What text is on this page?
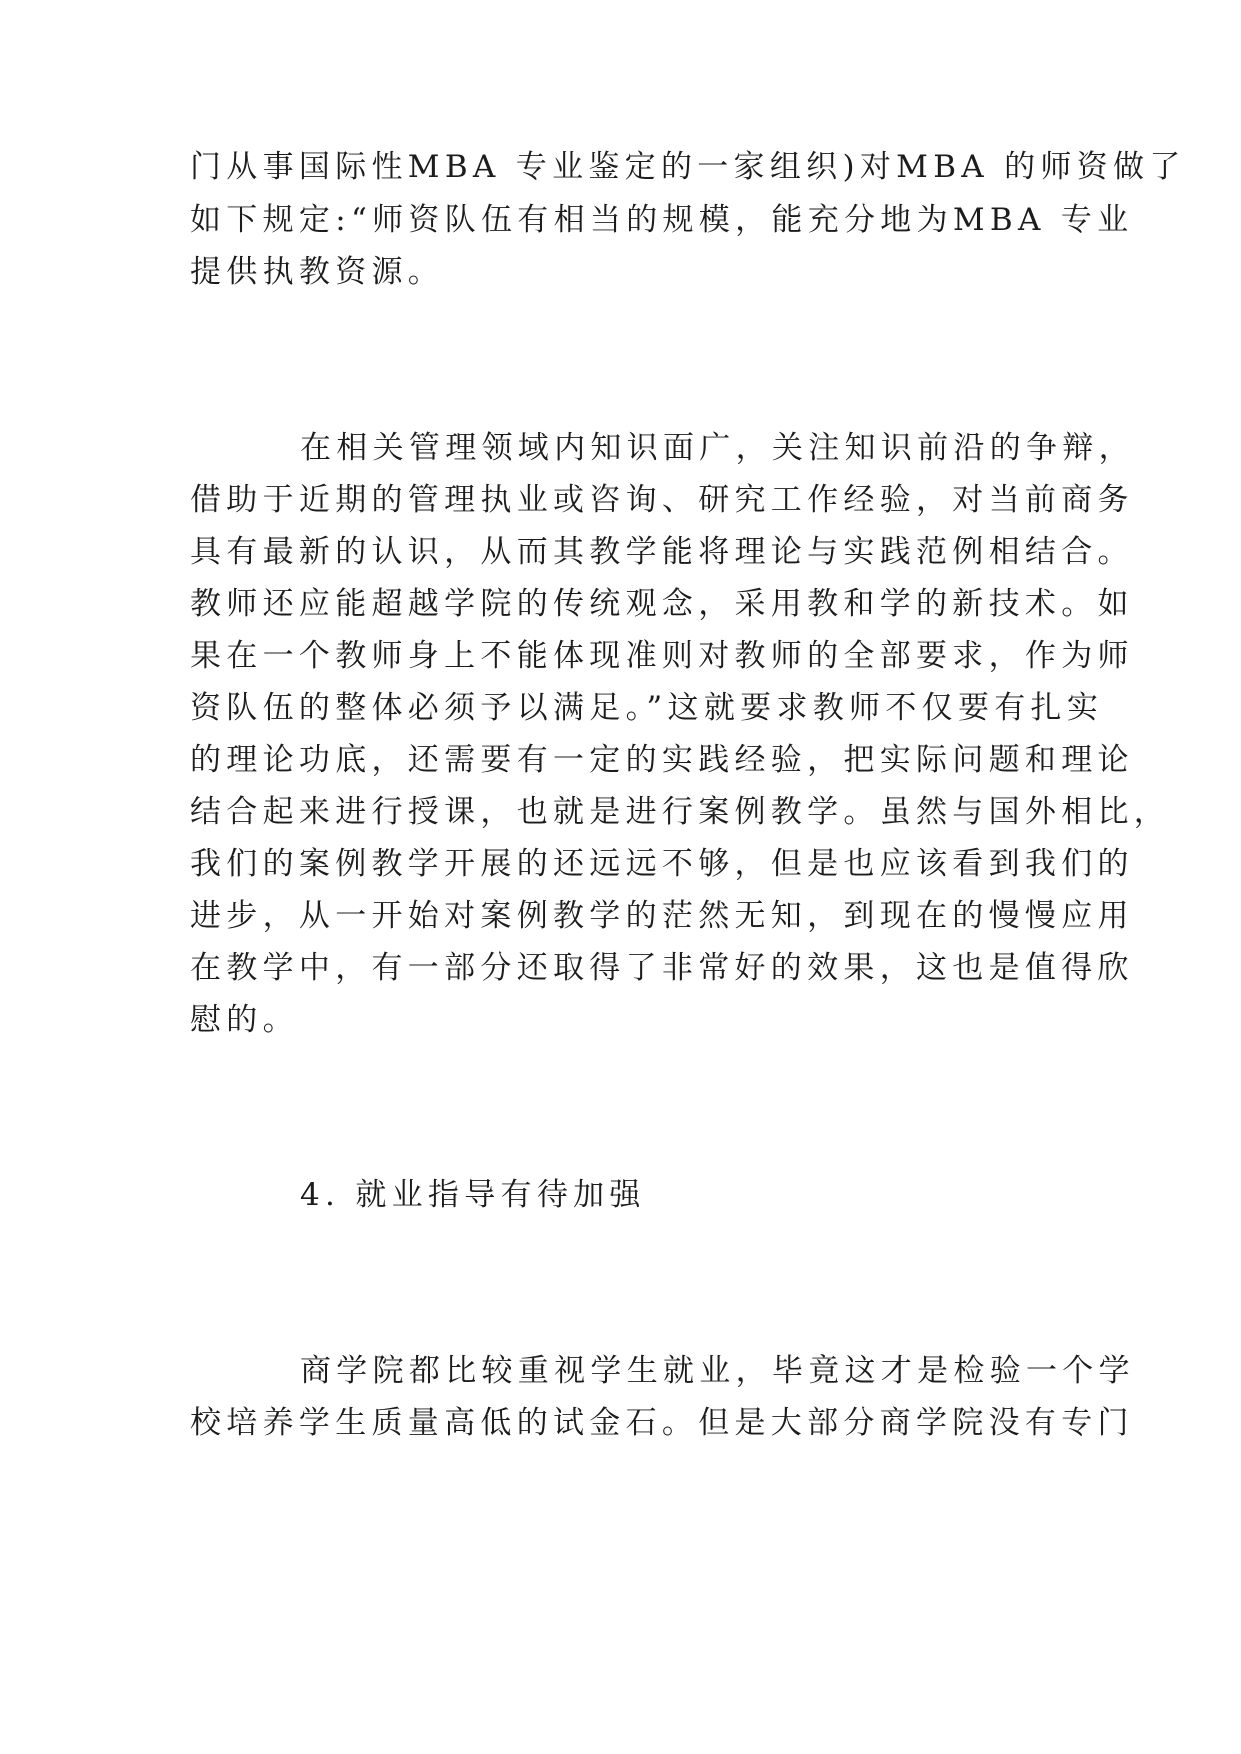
门从事国际性MBA 专业鉴定的一家组织)对MBA 的师资做了
如下规定:“师资队伍有相当的规模，能充分地为MBA 专业
提供执教资源。
在相关管理领域内知识面广，关注知识前沿的争辩，
借助于近期的管理执业或咨询、研究工作经验，对当前商务
具有最新的认识，从而其教学能将理论与实践范例相结合。
教师还应能超越学院的传统观念，采用教和学的新技术。如
果在一个教师身上不能体现准则对教师的全部要求，作为师
资队伍的整体必须予以满足。”这就要求教师不仅要有扎实
的理论功底，还需要有一定的实践经验，把实际问题和理论
结合起来进行授课，也就是进行案例教学。虽然与国外相比，
我们的案例教学开展的还远远不够，但是也应该看到我们的
进步，从一开始对案例教学的茫然无知，到现在的慢慢应用
在教学中，有一部分还取得了非常好的效果，这也是值得欣
慰的。
4. 就业指导有待加强
商学院都比较重视学生就业，毕竟这才是检验一个学
校培养学生质量高低的试金石。但是大部分商学院没有专门
